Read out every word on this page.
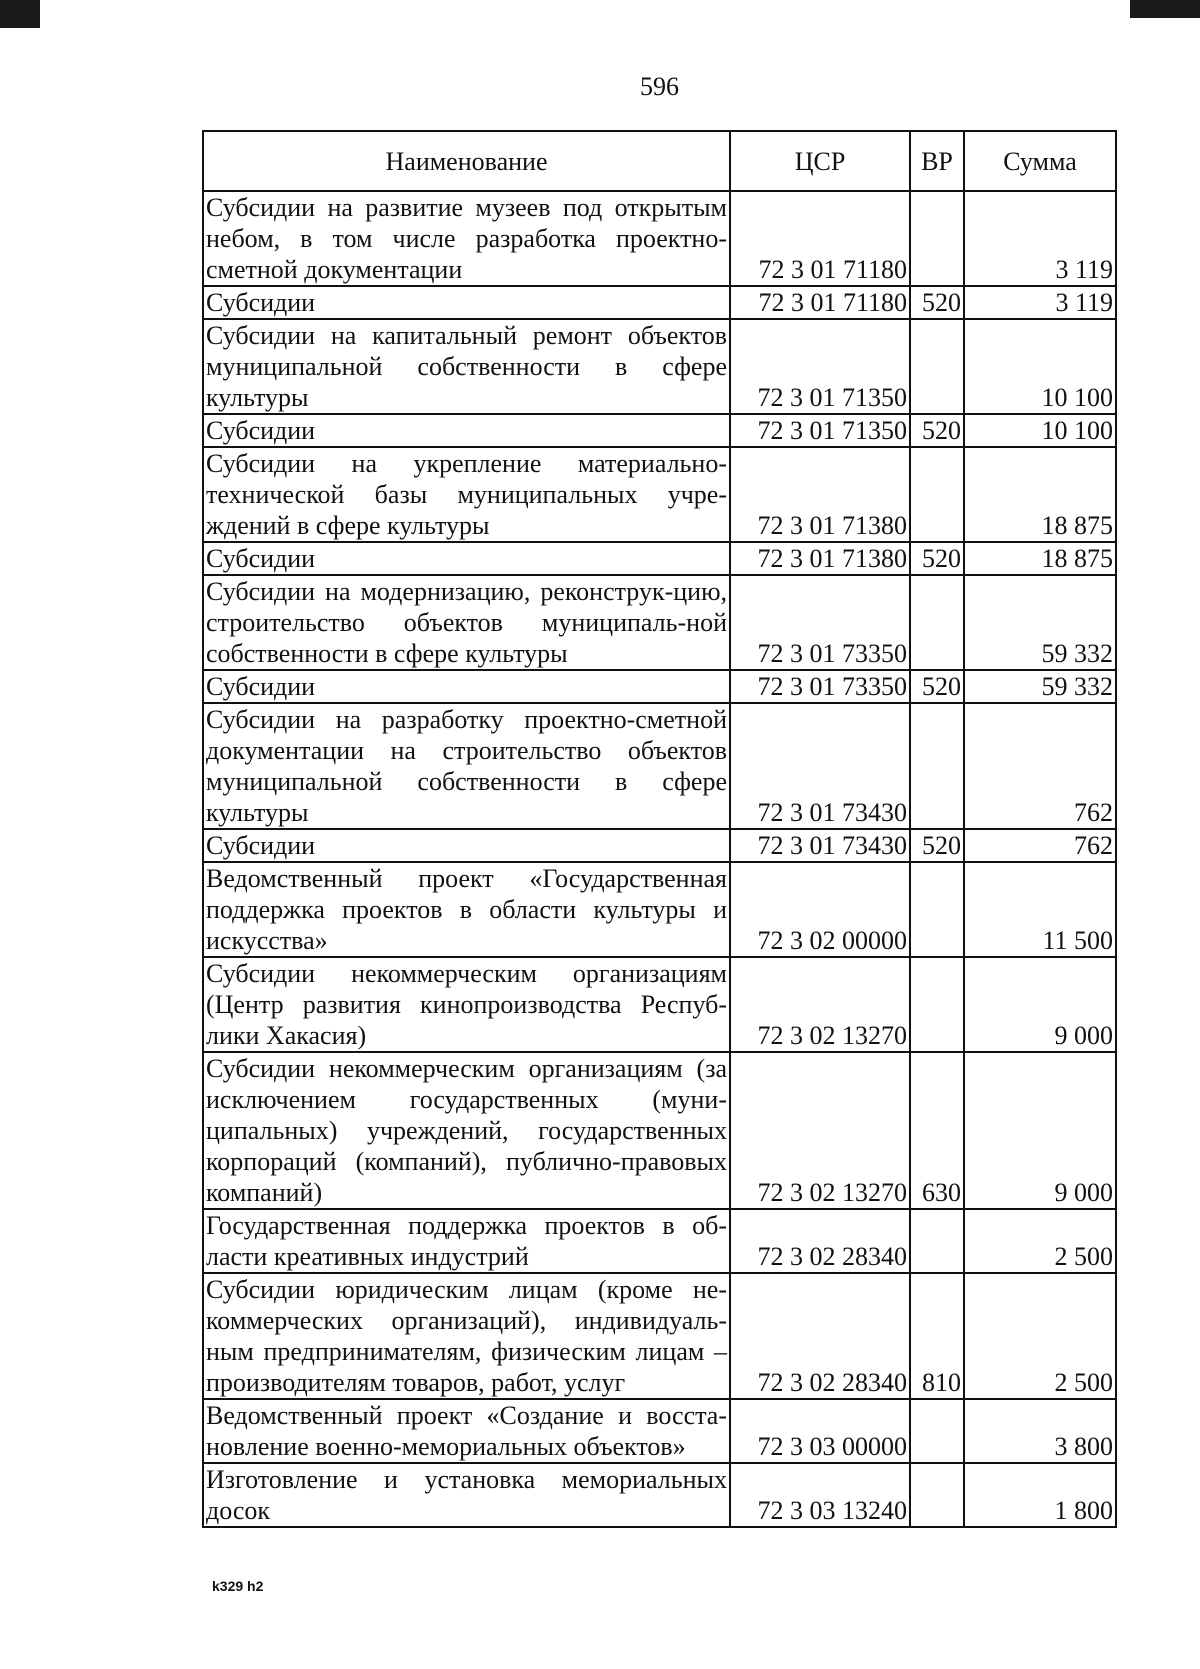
596
Наименование	ЦСР	ВР	Сумма
Субсидии на развитие музеев под открытым небом, в том числе разработка проектно-сметной документации	72 3 01 71180		3 119
Субсидии	72 3 01 71180	520	3 119
Субсидии на капитальный ремонт объектов муниципальной собственности в сфере культуры	72 3 01 71350		10 100
Субсидии	72 3 01 71350	520	10 100
Субсидии на укрепление материально-технической базы муниципальных учре-ждений в сфере культуры	72 3 01 71380		18 875
Субсидии	72 3 01 71380	520	18 875
Субсидии на модернизацию, реконструк-цию, строительство объектов муниципаль-ной собственности в сфере культуры	72 3 01 73350		59 332
Субсидии	72 3 01 73350	520	59 332
Субсидии на разработку проектно-сметной документации на строительство объектов муниципальной собственности в сфере культуры	72 3 01 73430		762
Субсидии	72 3 01 73430	520	762
Ведомственный проект «Государственная поддержка проектов в области культуры и искусства»	72 3 02 00000		11 500
Субсидии некоммерческим организациям (Центр развития кинопроизводства Респуб-лики Хакасия)	72 3 02 13270		9 000
Субсидии некоммерческим организациям (за исключением государственных (муни-ципальных) учреждений, государственных корпораций (компаний), публично-правовых компаний)	72 3 02 13270	630	9 000
Государственная поддержка проектов в об-ласти креативных индустрий	72 3 02 28340		2 500
Субсидии юридическим лицам (кроме не-коммерческих организаций), индивидуаль-ным предпринимателям, физическим лицам – производителям товаров, работ, услуг	72 3 02 28340	810	2 500
Ведомственный проект «Создание и восста-новление военно-мемориальных объектов»	72 3 03 00000		3 800
Изготовление и установка мемориальных досок	72 3 03 13240		1 800
k329 h2
